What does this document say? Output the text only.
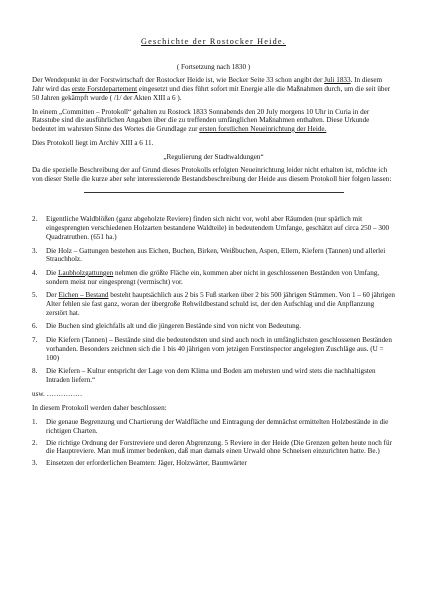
Geschichte der Rostocker Heide.
( Fortsetzung nach 1830 )

Der Wendepunkt in der Forstwirtschaft der Rostocker Heide ist, wie Becker Seite 33 schon angibt der Juli 1833. In diesem Jahr wird das erste Forstdepartement eingesetzt und dies führt sofort mit Energie alle die Maßnahmen durch, um die seit über 50 Jahren gekämpft wurde ( /1/ der Akten XIII a 6 ).

In einem „Committen – Protokoll“ gehalten zu Rostock 1833 Sonnabends den 20 July morgens 10 Uhr in Curia in der Ratsstube sind die ausführlichen Angaben über die zu treffenden umfänglichen Maßnahmen enthalten. Diese Urkunde bedeutet im wahrsten Sinne des Wortes die Grundlage zur ersten forstlichen Neueinrichtung der Heide.

Dies Protokoll liegt im Archiv XIII a 6 11.

„Regulierung der Stadtwaldungen“

Da die spezielle Beschreibung der auf Grund dieses Protokolls erfolgten Neueinrichtung leider nicht erhalten ist, möchte ich von dieser Stelle die kurze aber sehr interessierende Bestandsbeschreibung der Heide aus diesem Protokoll hier folgen lassen:

2. Eigentliche Waldblößen (ganz abgeholzte Reviere) finden sich nicht vor, wohl aber Räumden (nur spärlich mit eingesprengten verschiedenen Holzarten bestandene Waldteile) in bedeutendem Umfange, geschätzt auf circa 250 – 300 Quadratruthen. (651 ha.)
3. Die Holz – Gattungen bestehen aus Eichen, Buchen, Birken, Weißbuchen, Aspen, Ellern, Kiefern (Tannen) und allerlei Strauchholz.
4. Die Laubholzgattungen nehmen die größte Fläche ein, kommen aber nicht in geschlossenen Beständen von Umfang, sondern meist nur eingesprengt (vermischt) vor.
5. Der Eichen – Bestand besteht hauptsächlich aus 2 bis 5 Fuß starken über 2 bis 500 jährigen Stämmen. Von 1 – 60 jährigen Alter fehlen sie fast ganz, woran der übergroße Rehwildbestand schuld ist, der den Aufschlag und die Anpflanzung zerstört hat.
6. Die Buchen sind gleichfalls alt und die jüngeren Bestände sind von nicht von Bedeutung.
7. Die Kiefern (Tannen) – Bestände sind die bedeutendsten und sind auch noch in umfänglichsten geschlossenen Beständen vorhanden. Besonders zeichnen sich die 1 bis 40 jährigen vom jetzigen Forstinspector angelegten Zuschläge aus. (U = 100)
8. Die Kiefern – Kultur entspricht der Lage von dem Klima und Boden am mehrsten und wird stets die nachhaltigsten Intraden liefern.“
usw. ……………

In diesem Protokoll werden daher beschlossen:

1. Die genaue Begrenzung und Chartierung der Waldfläche und Eintragung der demnächst ermittelten Holzbestände in die richtigen Charten.
2. Die richtige Ordnung der Forstreviere und deren Abgrenzung. 5 Reviere in der Heide (Die Grenzen gelten heute noch für die Hauptreviere. Man muß immer bedenken, daß man damals einen Urwald ohne Schneisen einzurichten hatte. Be.)
3. Einsetzen der erforderlichen Beamten: Jäger, Holzwärter, Baumwärter
